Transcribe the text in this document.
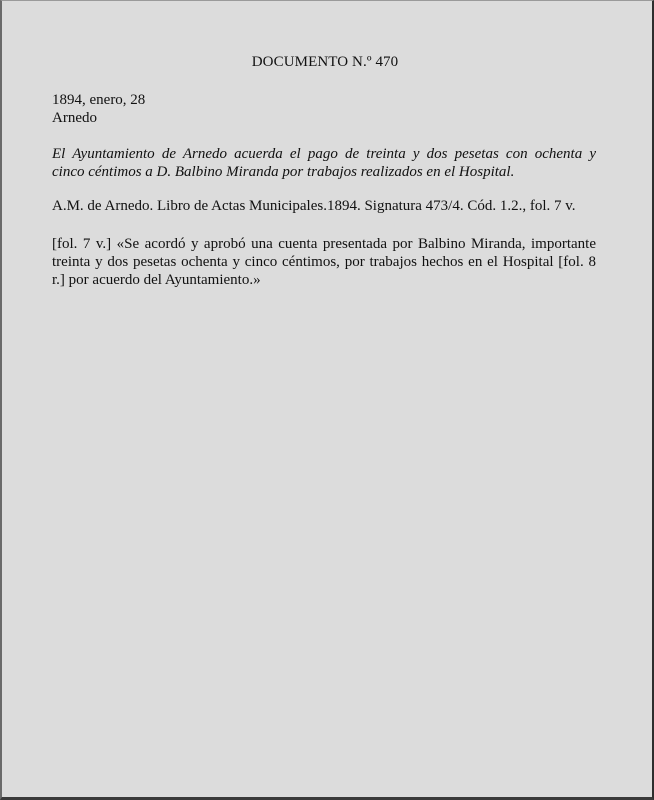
DOCUMENTO N.º 470
1894, enero, 28
Arnedo
El Ayuntamiento de Arnedo acuerda el pago de treinta y dos pesetas con ochenta y
cinco céntimos a D. Balbino Miranda por trabajos realizados en el Hospital.
A.M. de Arnedo. Libro de Actas Municipales.1894. Signatura 473/4. Cód. 1.2., fol. 7 v.
[fol. 7 v.] «Se acordó y aprobó una cuenta presentada por Balbino Miranda, importante
treinta y dos pesetas ochenta y cinco céntimos, por trabajos hechos en el Hospital [fol. 8
r.] por acuerdo del Ayuntamiento.»
